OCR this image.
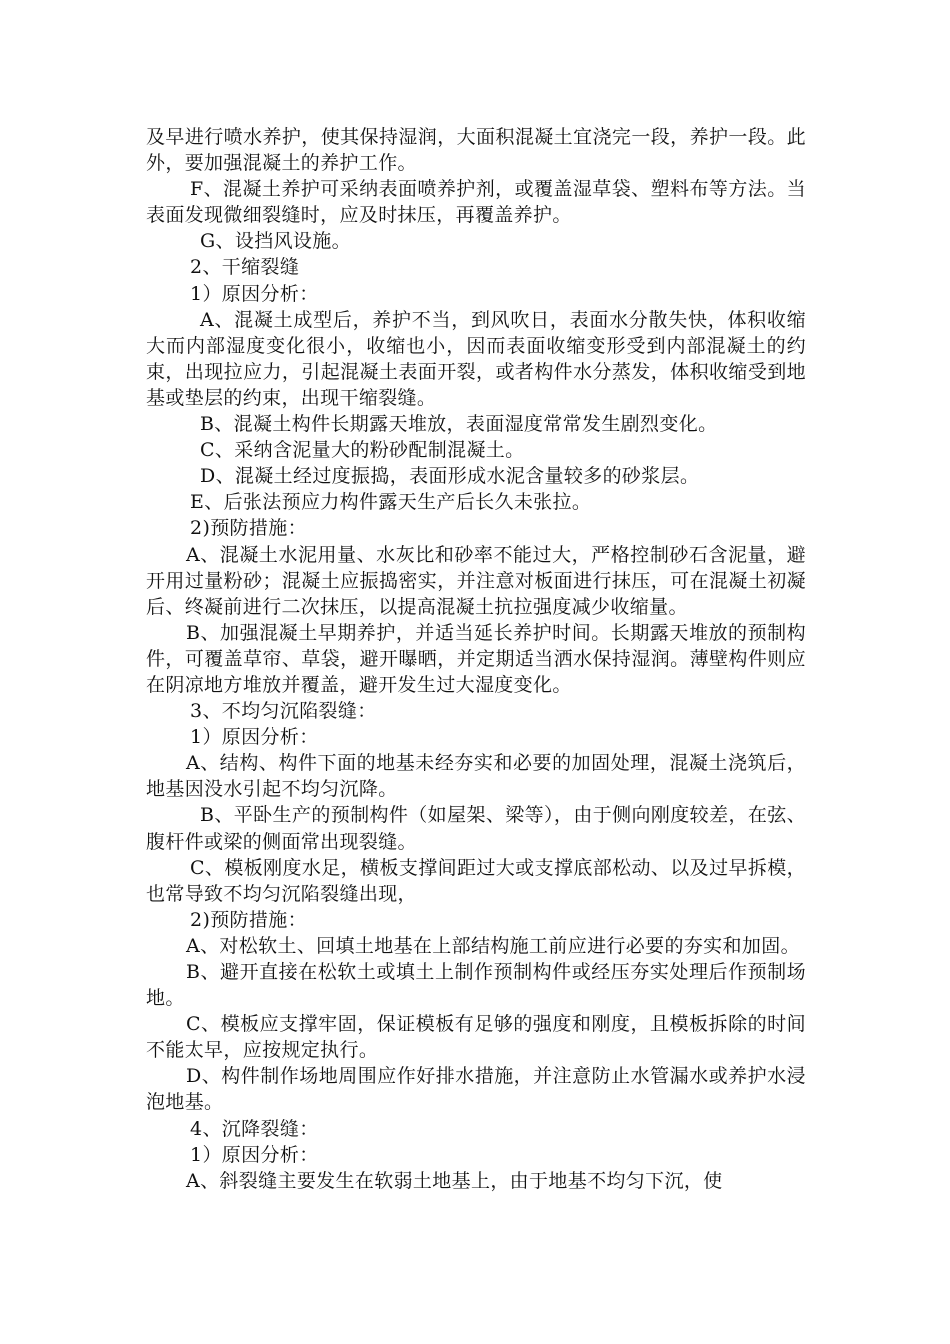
及早进行喷水养护，使其保持湿润，大面积混凝土宜浇完一段，养护一段。此外，要加强混凝土的养护工作。

F、混凝土养护可采纳表面喷养护剂，或覆盖湿草袋、塑料布等方法。当表面发现微细裂缝时，应及时抹压，再覆盖养护。

G、设挡风设施。

2、干缩裂缝

1）原因分析：

A、混凝土成型后，养护不当，到风吹日，表面水分散失快，体积收缩大而内部湿度变化很小，收缩也小，因而表面收缩变形受到内部混凝土的约束，出现拉应力，引起混凝土表面开裂，或者构件水分蒸发，体积收缩受到地基或垫层的约束，出现干缩裂缝。

B、混凝土构件长期露天堆放，表面湿度常常发生剧烈变化。

C、采纳含泥量大的粉砂配制混凝土。

D、混凝土经过度振捣，表面形成水泥含量较多的砂浆层。

E、后张法预应力构件露天生产后长久未张拉。

2)预防措施：

A、混凝土水泥用量、水灰比和砂率不能过大，严格控制砂石含泥量，避开用过量粉砂；混凝土应振捣密实，并注意对板面进行抹压，可在混凝土初凝后、终凝前进行二次抹压，以提高混凝土抗拉强度减少收缩量。

B、加强混凝土早期养护，并适当延长养护时间。长期露天堆放的预制构件，可覆盖草帘、草袋，避开曝晒，并定期适当洒水保持湿润。薄壁构件则应在阴凉地方堆放并覆盖，避开发生过大湿度变化。

3、不均匀沉陷裂缝：

1）原因分析：

A、结构、构件下面的地基未经夯实和必要的加固处理，混凝土浇筑后，地基因没水引起不均匀沉降。

B、平卧生产的预制构件（如屋架、梁等），由于侧向刚度较差，在弦、腹杆件或梁的侧面常出现裂缝。

C、模板刚度水足，横板支撑间距过大或支撑底部松动、以及过早拆模，也常导致不均匀沉陷裂缝出现，

2)预防措施：

A、对松软土、回填土地基在上部结构施工前应进行必要的夯实和加固。

B、避开直接在松软土或填土上制作预制构件或经压夯实处理后作预制场地。

C、模板应支撑牢固，保证模板有足够的强度和刚度，且模板拆除的时间不能太早，应按规定执行。

D、构件制作场地周围应作好排水措施，并注意防止水管漏水或养护水浸泡地基。

4、沉降裂缝：

1）原因分析：

A、斜裂缝主要发生在软弱土地基上，由于地基不均匀下沉，使
